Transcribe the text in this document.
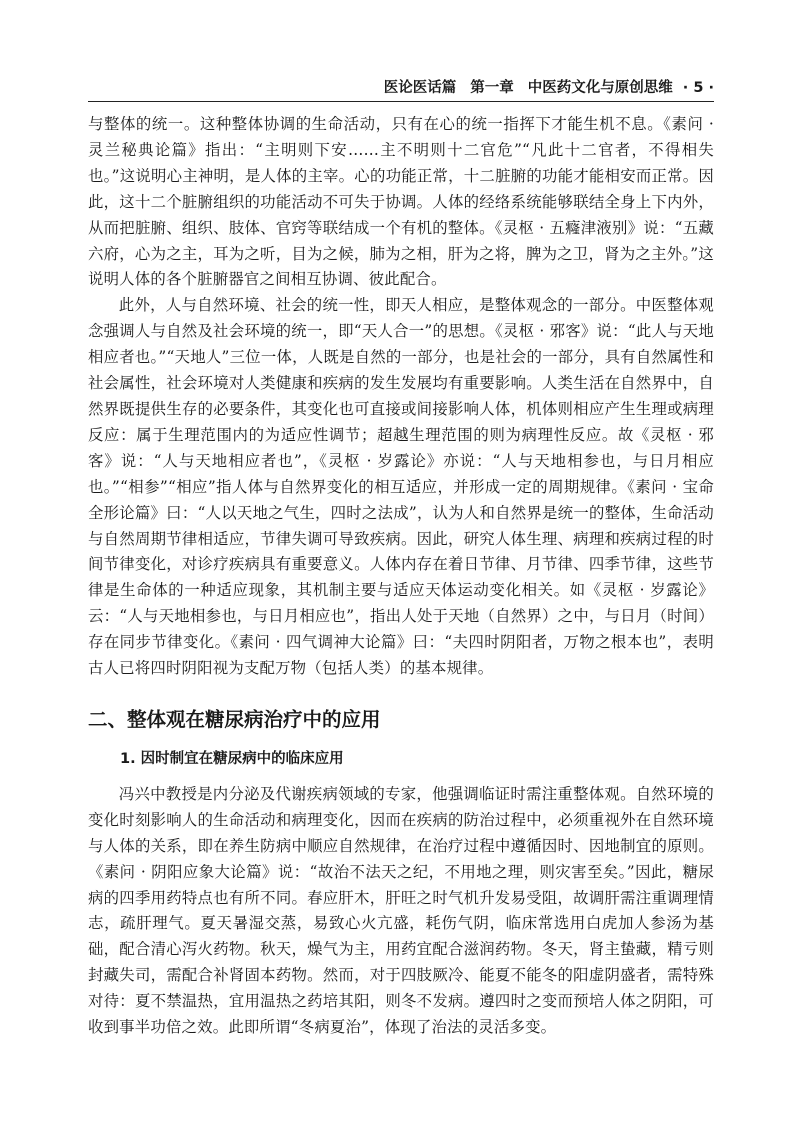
医论医话篇 第一章 中医药文化与原创思维 · 5 ·

与整体的统一。这种整体协调的生命活动，只有在心的统一指挥下才能生机不息。《素问 · 灵兰秘典论篇》指出：“主明则下安……主不明则十二官危”“凡此十二官者，不得相失也。”这说明心主神明，是人体的主宰。心的功能正常，十二脏腑的功能才能相安而正常。因此，这十二个脏腑组织的功能活动不可失于协调。人体的经络系统能够联结全身上下内外，从而把脏腑、组织、肢体、官窍等联结成一个有机的整体。《灵枢 · 五癃津液别》说：“五藏六府，心为之主，耳为之听，目为之候，肺为之相，肝为之将，脾为之卫，肾为之主外。”这说明人体的各个脏腑器官之间相互协调、彼此配合。

此外，人与自然环境、社会的统一性，即天人相应，是整体观念的一部分。中医整体观念强调人与自然及社会环境的统一，即“天人合一”的思想。《灵枢 · 邪客》说：“此人与天地相应者也。”“天地人”三位一体，人既是自然的一部分，也是社会的一部分，具有自然属性和社会属性，社会环境对人类健康和疾病的发生发展均有重要影响。人类生活在自然界中，自然界既提供生存的必要条件，其变化也可直接或间接影响人体，机体则相应产生生理或病理反应：属于生理范围内的为适应性调节；超越生理范围的则为病理性反应。故《灵枢 · 邪客》说：“人与天地相应者也”，《灵枢 · 岁露论》亦说：“人与天地相参也，与日月相应也。”“相参”“相应”指人体与自然界变化的相互适应，并形成一定的周期规律。《素问 · 宝命全形论篇》曰：“人以天地之气生，四时之法成”，认为人和自然界是统一的整体，生命活动与自然周期节律相适应，节律失调可导致疾病。因此，研究人体生理、病理和疾病过程的时间节律变化，对诊疗疾病具有重要意义。人体内存在着日节律、月节律、四季节律，这些节律是生命体的一种适应现象，其机制主要与适应天体运动变化相关。如《灵枢 · 岁露论》云：“人与天地相参也，与日月相应也”，指出人处于天地（自然界）之中，与日月（时间）存在同步节律变化。《素问 · 四气调神大论篇》曰：“夫四时阴阳者，万物之根本也”，表明古人已将四时阴阳视为支配万物（包括人类）的基本规律。

二、整体观在糖尿病治疗中的应用
1. 因时制宜在糖尿病中的临床应用

冯兴中教授是内分泌及代谢疾病领域的专家，他强调临证时需注重整体观。自然环境的变化时刻影响人的生命活动和病理变化，因而在疾病的防治过程中，必须重视外在自然环境与人体的关系，即在养生防病中顺应自然规律，在治疗过程中遵循因时、因地制宜的原则。《素问 · 阴阳应象大论篇》说：“故治不法天之纪，不用地之理，则灾害至矣。”因此，糖尿病的四季用药特点也有所不同。春应肝木，肝旺之时气机升发易受阻，故调肝需注重调理情志，疏肝理气。夏天暑湿交蒸，易致心火亢盛，耗伤气阴，临床常选用白虎加人参汤为基础，配合清心泻火药物。秋天，燥气为主，用药宜配合滋润药物。冬天，肾主蛰藏，精亏则封藏失司，需配合补肾固本药物。然而，对于四肢厥冷、能夏不能冬的阳虚阴盛者，需特殊对待：夏不禁温热，宜用温热之药培其阳，则冬不发病。遵四时之变而预培人体之阴阳，可收到事半功倍之效。此即所谓“冬病夏治”，体现了治法的灵活多变。
